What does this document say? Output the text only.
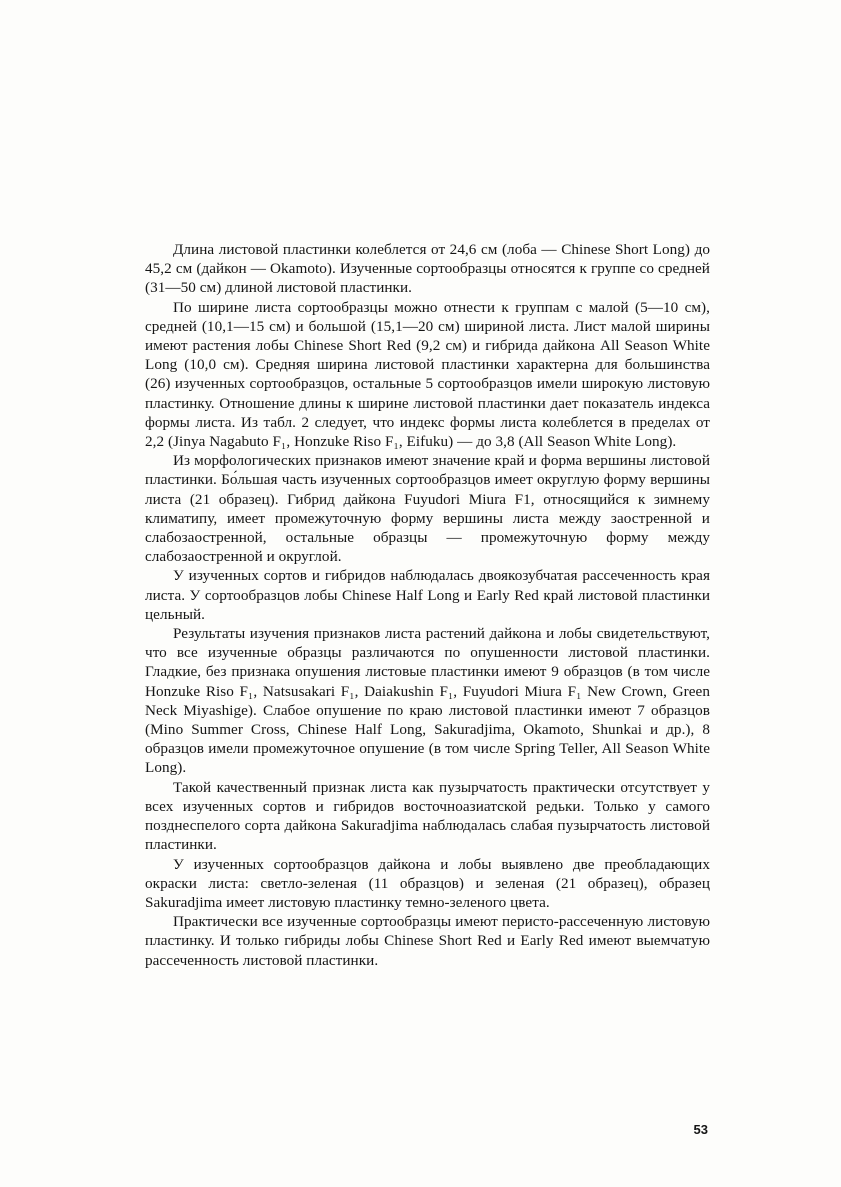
Длина листовой пластинки колеблется от 24,6 см (лоба — Chinese Short Long) до 45,2 см (дайкон — Okamoto). Изученные сортообразцы относятся к группе со средней (31—50 см) длиной листовой пластинки.

По ширине листа сортообразцы можно отнести к группам с малой (5—10 см), средней (10,1—15 см) и большой (15,1—20 см) шириной листа. Лист малой ширины имеют растения лобы Chinese Short Red (9,2 см) и гибрида дайкона All Season White Long (10,0 см). Средняя ширина листовой пластинки характерна для большинства (26) изученных сортообразцов, остальные 5 сортообразцов имели широкую листовую пластинку. Отношение длины к ширине листовой пластинки дает показатель индекса формы листа. Из табл. 2 следует, что индекс формы листа колеблется в пределах от 2,2 (Jinya Nagabuto F₁, Honzuke Riso F₁, Eifuku) — до 3,8 (All Season White Long).

Из морфологических признаков имеют значение край и форма вершины листовой пластинки. Бо́льшая часть изученных сортообразцов имеет округлую форму вершины листа (21 образец). Гибрид дайкона Fuyudori Miura F1, относящийся к зимнему климатипу, имеет промежуточную форму вершины листа между заостренной и слабозаостренной, остальные образцы — промежуточную форму между слабозаостренной и округлой.

У изученных сортов и гибридов наблюдалась двоякозубчатая рассеченность края листа. У сортообразцов лобы Chinese Half Long и Early Red край листовой пластинки цельный.

Результаты изучения признаков листа растений дайкона и лобы свидетельствуют, что все изученные образцы различаются по опушенности листовой пластинки. Гладкие, без признака опушения листовые пластинки имеют 9 образцов (в том числе Honzuke Riso F₁, Natsusakari F₁, Daiakushin F₁, Fuyudori Miura F₁ New Crown, Green Neck Miyashige). Слабое опушение по краю листовой пластинки имеют 7 образцов (Mino Summer Cross, Chinese Half Long, Sakuradjima, Okamoto, Shunkai и др.), 8 образцов имели промежуточное опушение (в том числе Spring Teller, All Season White Long).

Такой качественный признак листа как пузырчатость практически отсутствует у всех изученных сортов и гибридов восточноазиатской редьки. Только у самого позднеспелого сорта дайкона Sakuradjima наблюдалась слабая пузырчатость листовой пластинки.

У изученных сортообразцов дайкона и лобы выявлено две преобладающих окраски листа: светло-зеленая (11 образцов) и зеленая (21 образец), образец Sakuradjima имеет листовую пластинку темно-зеленого цвета.

Практически все изученные сортообразцы имеют перисто-рассеченную листовую пластинку. И только гибриды лобы Chinese Short Red и Early Red имеют выемчатую рассеченность листовой пластинки.

53
